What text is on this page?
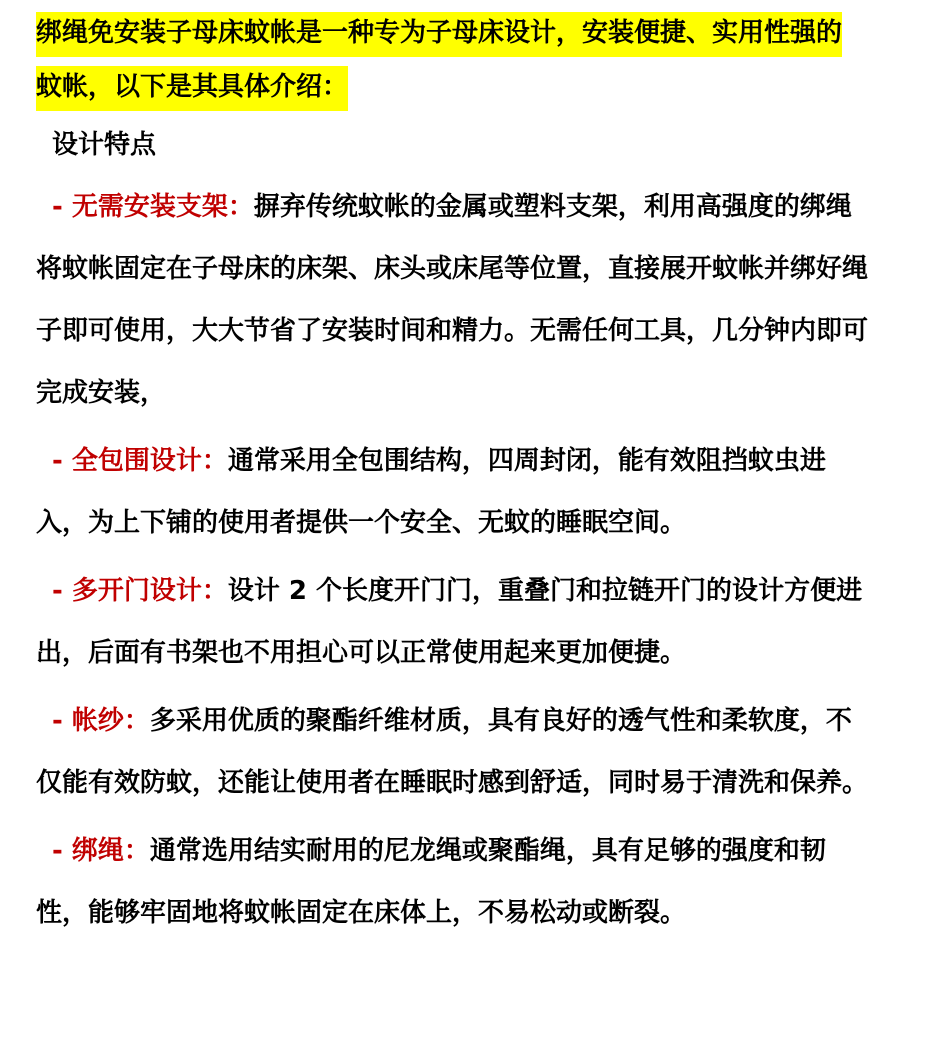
绑绳免安装子母床蚊帐是一种专为子母床设计，安装便捷、实用性强的蚊帐，以下是其具体介绍：

设计特点

- 无需安装支架：摒弃传统蚊帐的金属或塑料支架，利用高强度的绑绳将蚊帐固定在子母床的床架、床头或床尾等位置，直接展开蚊帐并绑好绳子即可使用，大大节省了安装时间和精力。无需任何工具，几分钟内即可完成安装，

- 全包围设计：通常采用全包围结构，四周封闭，能有效阻挡蚊虫进入，为上下铺的使用者提供一个安全、无蚊的睡眠空间。

- 多开门设计：设计 2 个长度开门门，重叠门和拉链开门的设计方便进出，后面有书架也不用担心可以正常使用起来更加便捷。

- 帐纱：多采用优质的聚酯纤维材质，具有良好的透气性和柔软度，不仅能有效防蚊，还能让使用者在睡眠时感到舒适，同时易于清洗和保养。

- 绑绳：通常选用结实耐用的尼龙绳或聚酯绳，具有足够的强度和韧性，能够牢固地将蚊帐固定在床体上，不易松动或断裂。
